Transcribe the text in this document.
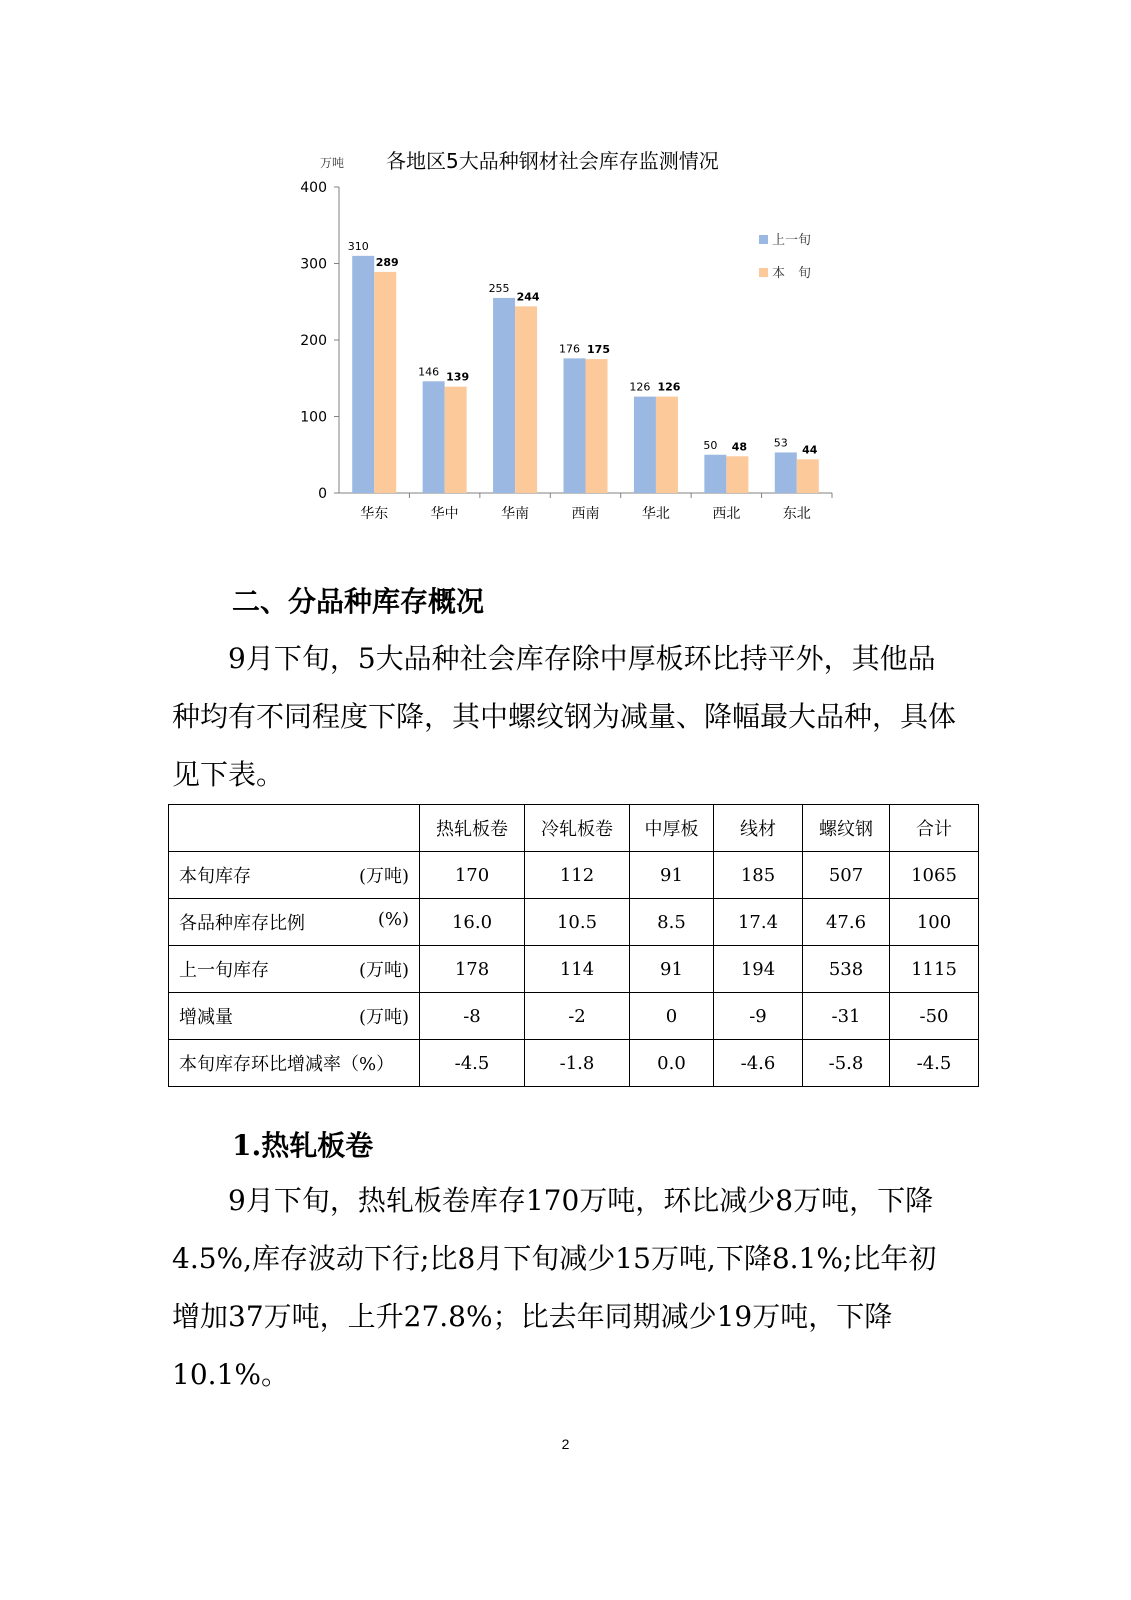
万吨 各地区5大品种钢材社会库存监测情况
0
100
200
300
400
310
289
146 139
255
244
176 175
126 126
50 48 53
44
华东	华中	华南	西南	华北	西北	东北
上一旬
本　旬
二、分品种库存概况

9月下旬，5大品种社会库存除中厚板环比持平外，其他品种均有不同程度下降，其中螺纹钢为减量、降幅最大品种，具体见下表。

	热轧板卷	冷轧板卷	中厚板	线材	螺纹钢	合计
本旬库存 (万吨)	170	112	91	185	507	1065
各品种库存比例 (%)	16.0	10.5	8.5	17.4	47.6	100
上一旬库存 (万吨)	178	114	91	194	538	1115
增减量 (万吨)	-8	-2	0	-9	-31	-50
本旬库存环比增减率（%）	-4.5	-1.8	0.0	-4.6	-5.8	-4.5
1.热轧板卷

9月下旬，热轧板卷库存170万吨，环比减少8万吨，下降4.5%,库存波动下行;比8月下旬减少15万吨,下降8.1%;比年初增加37万吨，上升27.8%；比去年同期减少19万吨，下降10.1%。

2
